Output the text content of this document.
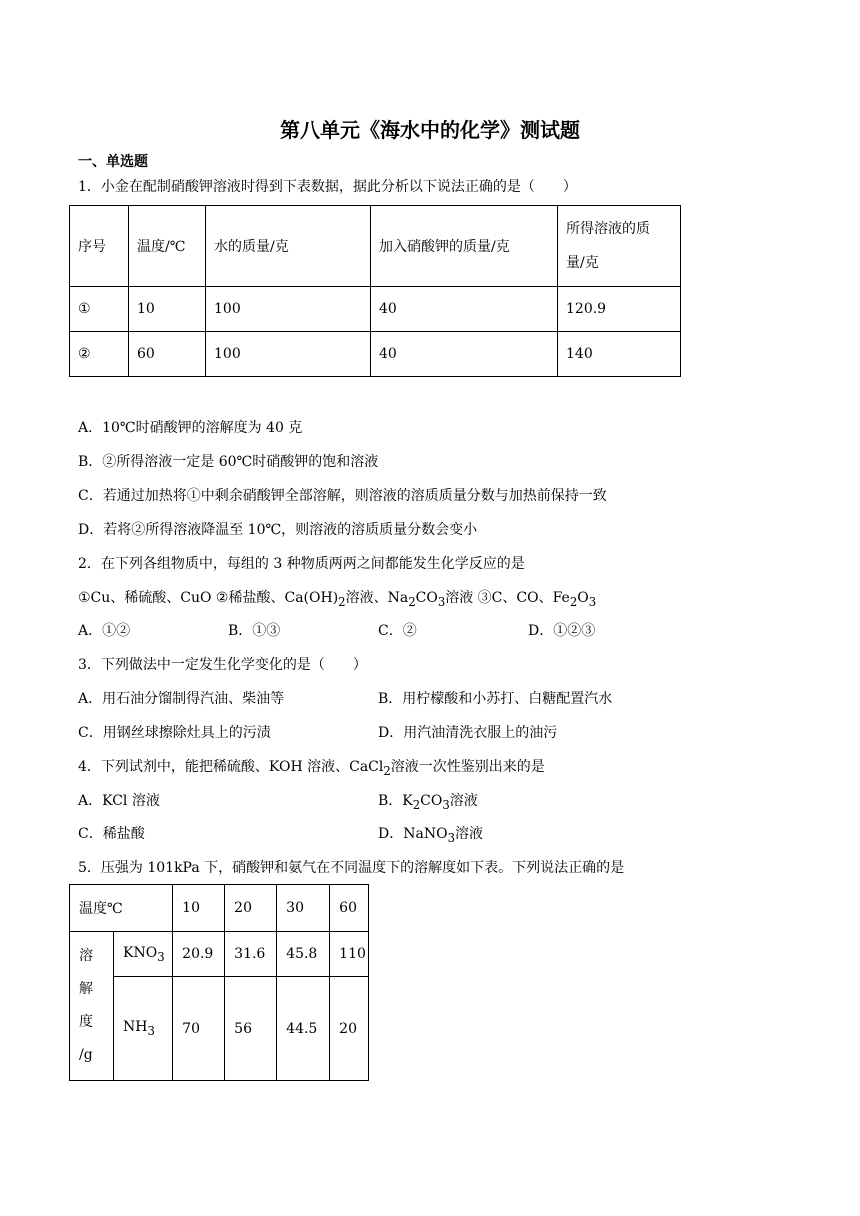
第八单元《海水中的化学》测试题
一、单选题
1．小金在配制硝酸钾溶液时得到下表数据，据此分析以下说法正确的是（　　）
序号	温度/℃	水的质量/克	加入硝酸钾的质量/克	所得溶液的质
量/克
①	10	100	40	120.9
②	60	100	40	140
A．10℃时硝酸钾的溶解度为 40 克
B．②所得溶液一定是 60℃时硝酸钾的饱和溶液
C．若通过加热将①中剩余硝酸钾全部溶解，则溶液的溶质质量分数与加热前保持一致
D．若将②所得溶液降温至 10℃，则溶液的溶质质量分数会变小
2．在下列各组物质中，每组的 3 种物质两两之间都能发生化学反应的是
①Cu、稀硫酸、CuO ②稀盐酸、$Ca(OH)_2$溶液、$Na_2CO_3$溶液 ③C、CO、$Fe_2O_3$
A．①②	B．①③	C．②	D．①②③
3．下列做法中一定发生化学变化的是（　　）
A．用石油分馏制得汽油、柴油等	B．用柠檬酸和小苏打、白糖配置汽水
C．用钢丝球擦除灶具上的污渍	D．用汽油清洗衣服上的油污
4．下列试剂中，能把稀硫酸、KOH 溶液、CaCl$_2$溶液一次性鉴别出来的是
A．KCl 溶液	B．$K_2CO_3$溶液
C．稀盐酸	D．NaNO$_3$溶液
5．压强为 101kPa 下，硝酸钾和氨气在不同温度下的溶解度如下表。下列说法正确的是
温度℃		10	20	30	60
溶
解
度
/g	$KNO_3$	20.9	31.6	45.8	110
	$NH_3$	70	56	44.5	20
